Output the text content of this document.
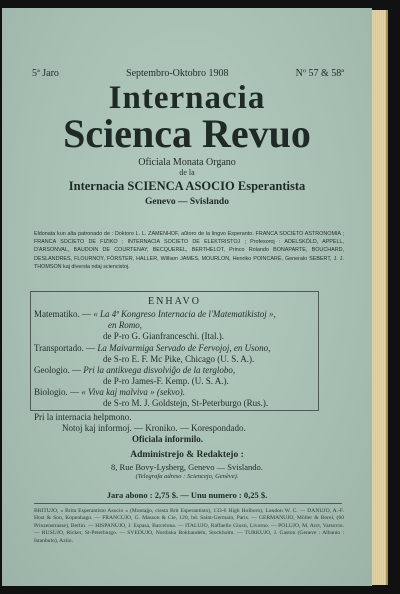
5ª Jaro	Septembro-Oktobro 1908	Nº 57 & 58ª
Internacia
Scienca Revuo
Oficiala Monata Organo
de la
Internacia SCIENCA ASOCIO Esperantista
Genevo — Svislando
Eldonata kun alta patronado de : Doktoro L. L. ZAMENHOF, aŭtoro de la lingvo Esperanto. FRANCA SOCIETO ASTRONOMIA ; FRANCA SOCIETO DE FIZIKO ; INTERNACIA SOCIETO DE ELEKTRISTOJ ; Profesoroj : ADELSKÖLD, APPELL, D'ARSONVAL, BAUDOIN DE COURTENAY, BECQUEREL, BERTHELOT, Princo Rolando BONAPARTE, BOUCHARD, DESLANDRES, FLOURNOY, FÖRSTER, HALLER, William JAMES, MOURLON, Henriko POINCARÉ, Generalo SEBERT, J. J. THOMSON kaj diversla ndaj sciencistoj.
ENHAVO
Matematiko. — « La 4ª Kongreso Internacia de l'Matematikistoj »,
en Romo,
de P-ro G. Gianfranceschi. (Ital.).
Transportado. — La Maivarmiga Servado de Fervojoj, en Usono,
de S-ro E. F. Mc Pike, Chicago (U. S. A.).
Geologio. — Pri la antikvega disvolviĝo de la terglobo,
de P-ro James-F. Kemp. (U. S. A.).
Biologio. — « Viva kaj malviva » (sekvo).
de S-ro M. J. Goldstejn, St-Peterburgo (Rus.).
Pri la internacia helpmono.
Notoj kaj informoj. — Kroniko. — Korespondado.
Oficiala informilo.
Administrejo & Redaktejo :
8, Rue Bovy-Lysberg, Genevo — Svislando.
(Telegrafa adreso : Sciencejo, Genève).
Jara abono : 2,75 $. — Unu numero : 0,25 $.
BRITUJO, « Brita Esperantisto Asocio » (Montaĝo, ciesta Brit Esperantisto), 133-6 High Holborn), London W. C. — DANUJO, A.-F. Host & Son, Kopenhago. — FRANCUJO, G. Masson & Cie, 120, bd. Saint-Germain, Paris. — GERMANUJO, Möller & Borel, (60 Prinzenstrasse), Berlin. — HISPANUJO, J. Espasa, Barcelona. — ITALUJO, Raffaello Giusti, Livorno. — POLUJO, M. Arct, Varsovio. — RUSUJO, Ricker, St-Peterburgo. — SVEDUJO, Nordiska Bokhandeln, Stockholm. — TURKUJO, J. Gaston (Geneve : Albanio : Istanbulo), Aziio.
